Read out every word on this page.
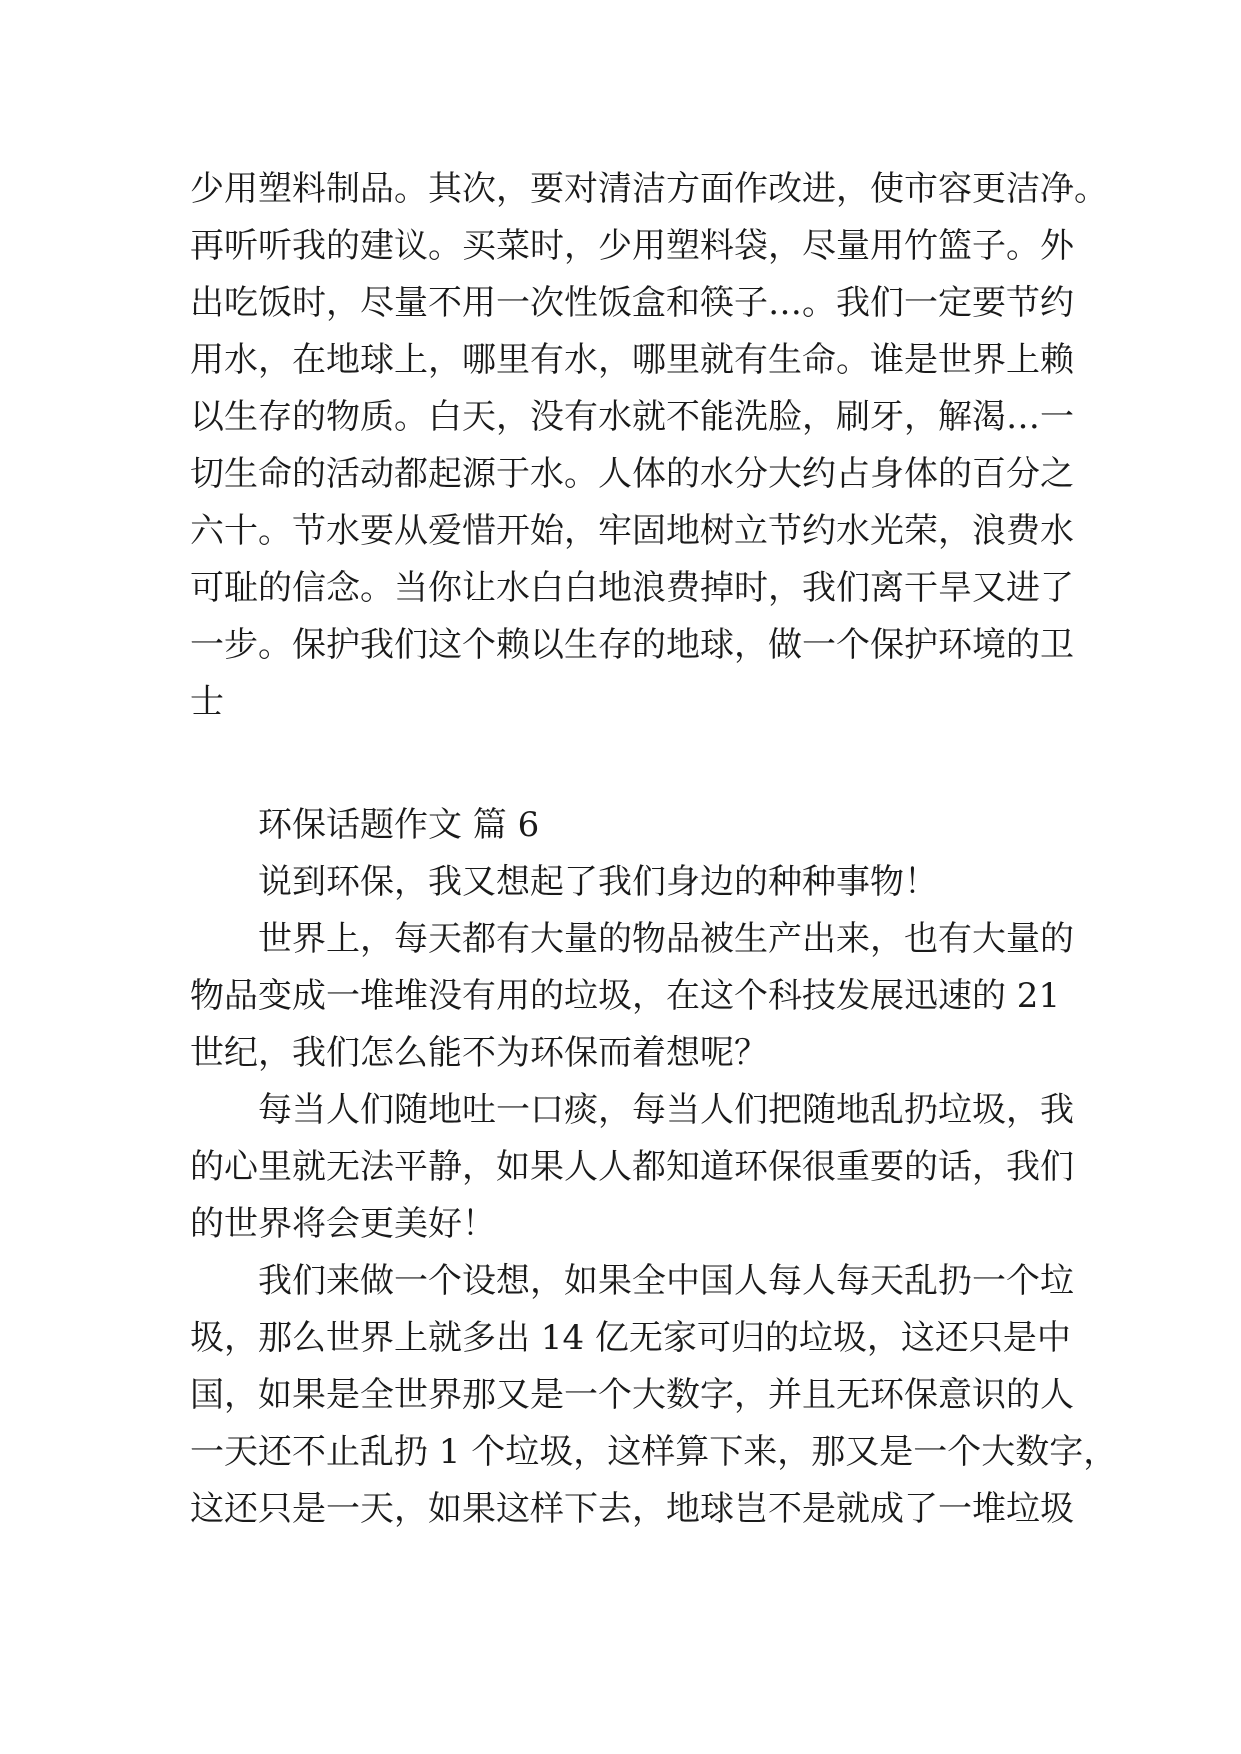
少用塑料制品。其次，要对清洁方面作改进，使市容更洁净。
再听听我的建议。买菜时，少用塑料袋，尽量用竹篮子。外
出吃饭时，尽量不用一次性饭盒和筷子…。我们一定要节约
用水，在地球上，哪里有水，哪里就有生命。谁是世界上赖
以生存的物质。白天，没有水就不能洗脸，刷牙，解渴…一
切生命的活动都起源于水。人体的水分大约占身体的百分之
六十。节水要从爱惜开始，牢固地树立节约水光荣，浪费水
可耻的信念。当你让水白白地浪费掉时，我们离干旱又进了
一步。保护我们这个赖以生存的地球，做一个保护环境的卫
士
环保话题作文 篇 6
说到环保，我又想起了我们身边的种种事物！
世界上，每天都有大量的物品被生产出来，也有大量的
物品变成一堆堆没有用的垃圾，在这个科技发展迅速的 21
世纪，我们怎么能不为环保而着想呢？
每当人们随地吐一口痰，每当人们把随地乱扔垃圾，我
的心里就无法平静，如果人人都知道环保很重要的话，我们
的世界将会更美好！
我们来做一个设想，如果全中国人每人每天乱扔一个垃
圾，那么世界上就多出 14 亿无家可归的垃圾，这还只是中
国，如果是全世界那又是一个大数字，并且无环保意识的人
一天还不止乱扔 1 个垃圾，这样算下来，那又是一个大数字，
这还只是一天，如果这样下去，地球岂不是就成了一堆垃圾
